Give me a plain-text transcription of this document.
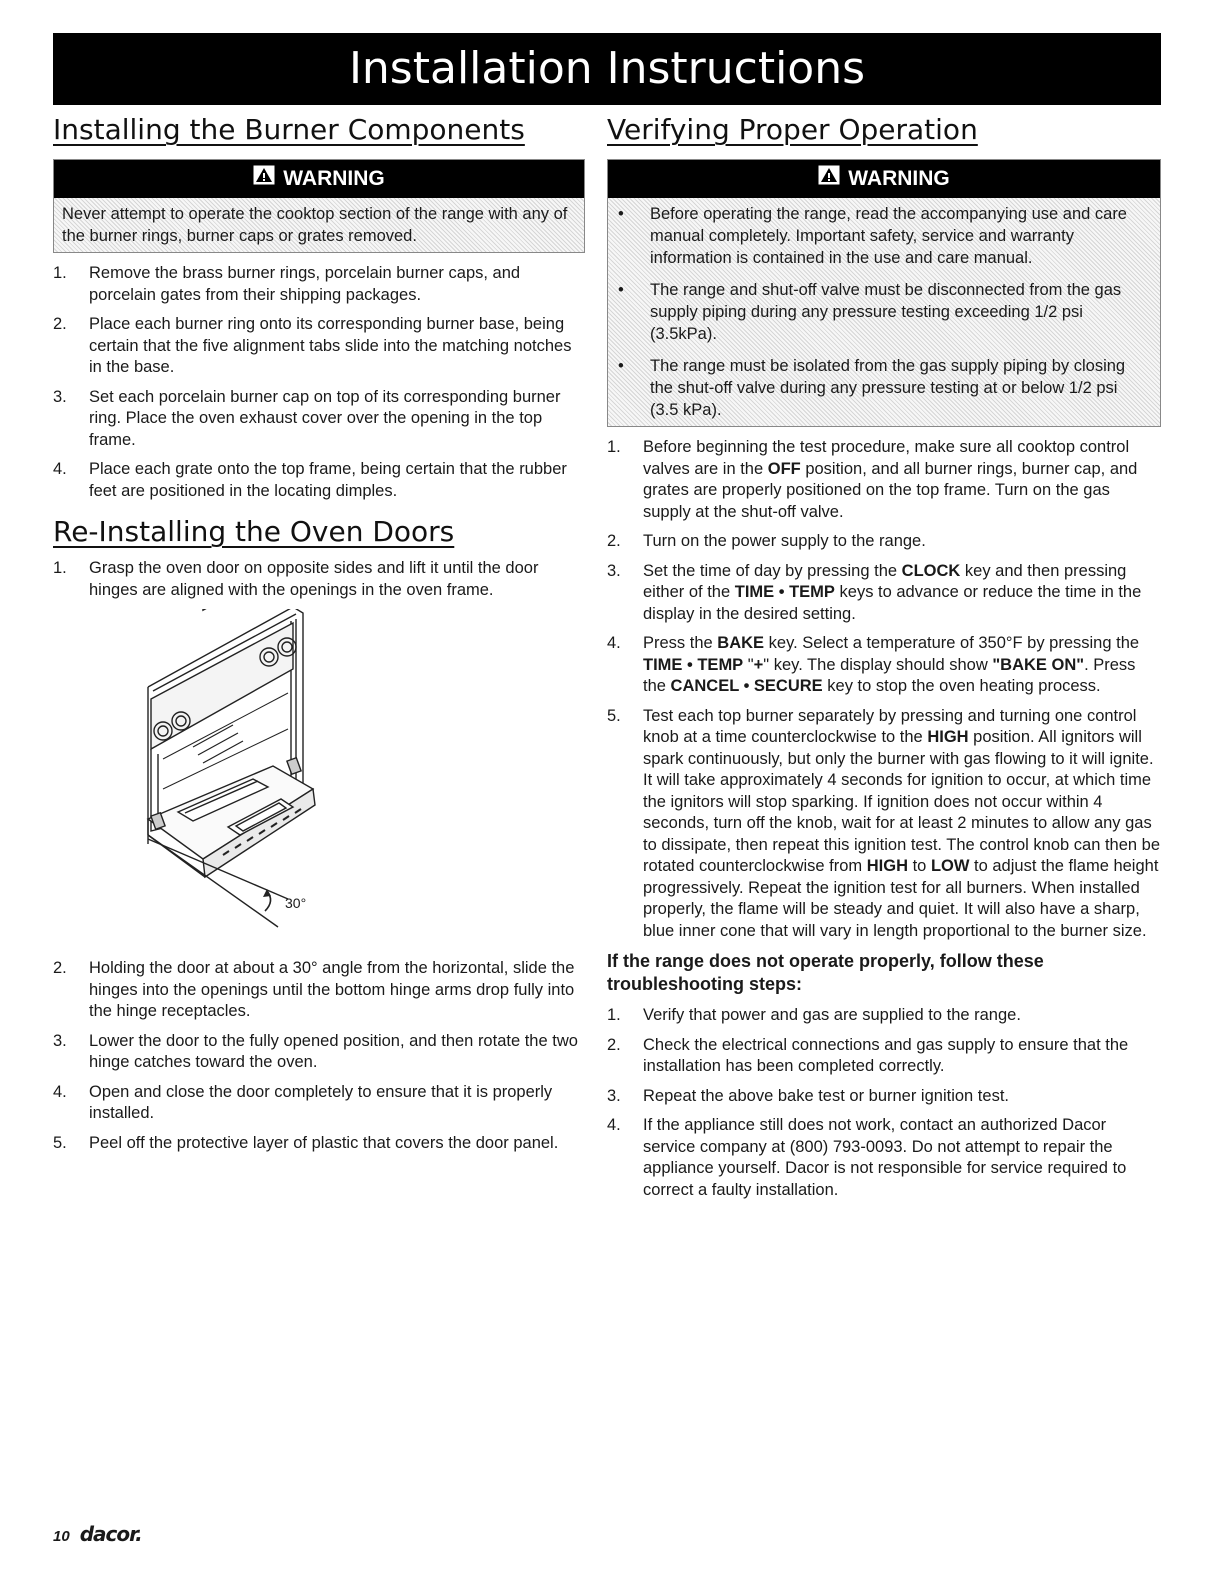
Installation Instructions
Installing the Burner Components
WARNING

Never attempt to operate the cooktop section of the range with any of the burner rings, burner caps or grates removed.

1. Remove the brass burner rings, porcelain burner caps, and porcelain gates from their shipping packages.
2. Place each burner ring onto its corresponding burner base, being certain that the five alignment tabs slide into the matching notches in the base.
3. Set each porcelain burner cap on top of its corresponding burner ring. Place the oven exhaust cover over the opening in the top frame.
4. Place each grate onto the top frame, being certain that the rubber feet are positioned in the locating dimples.
Re-Installing the Oven Doors
1. Grasp the oven door on opposite sides and lift it until the door hinges are aligned with the openings in the oven frame.
30°
2. Holding the door at about a 30° angle from the horizontal, slide the hinges into the openings until the bottom hinge arms drop fully into the hinge receptacles.
3. Lower the door to the fully opened position, and then rotate the two hinge catches toward the oven.
4. Open and close the door completely to ensure that it is properly installed.
5. Peel off the protective layer of plastic that covers the door panel.
Verifying Proper Operation
WARNING
• Before operating the range, read the accompanying use and care manual completely. Important safety, service and warranty information is contained in the use and care manual.
• The range and shut-off valve must be disconnected from the gas supply piping during any pressure testing exceeding 1/2 psi (3.5kPa).
• The range must be isolated from the gas supply piping by closing the shut-off valve during any pressure testing at or below 1/2 psi (3.5 kPa).
1. Before beginning the test procedure, make sure all cooktop control valves are in the OFF position, and all burner rings, burner cap, and grates are properly positioned on the top frame. Turn on the gas supply at the shut-off valve.
2. Turn on the power supply to the range.
3. Set the time of day by pressing the CLOCK key and then pressing either of the TIME • TEMP keys to advance or reduce the time in the display in the desired setting.
4. Press the BAKE key. Select a temperature of 350°F by pressing the TIME • TEMP "+" key. The display should show "BAKE ON". Press the CANCEL • SECURE key to stop the oven heating process.
5. Test each top burner separately by pressing and turning one control knob at a time counterclockwise to the HIGH position. All ignitors will spark continuously, but only the burner with gas flowing to it will ignite. It will take approximately 4 seconds for ignition to occur, at which time the ignitors will stop sparking. If ignition does not occur within 4 seconds, turn off the knob, wait for at least 2 minutes to allow any gas to dissipate, then repeat this ignition test. The control knob can then be rotated counterclockwise from HIGH to LOW to adjust the flame height progressively. Repeat the ignition test for all burners. When installed properly, the flame will be steady and quiet. It will also have a sharp, blue inner cone that will vary in length proportional to the burner size.
If the range does not operate properly, follow these troubleshooting steps:
1. Verify that power and gas are supplied to the range.
2. Check the electrical connections and gas supply to ensure that the installation has been completed correctly.
3. Repeat the above bake test or burner ignition test.
4. If the appliance still does not work, contact an authorized Dacor service company at (800) 793-0093. Do not attempt to repair the appliance yourself. Dacor is not responsible for service required to correct a faulty installation.
10 dacor.
